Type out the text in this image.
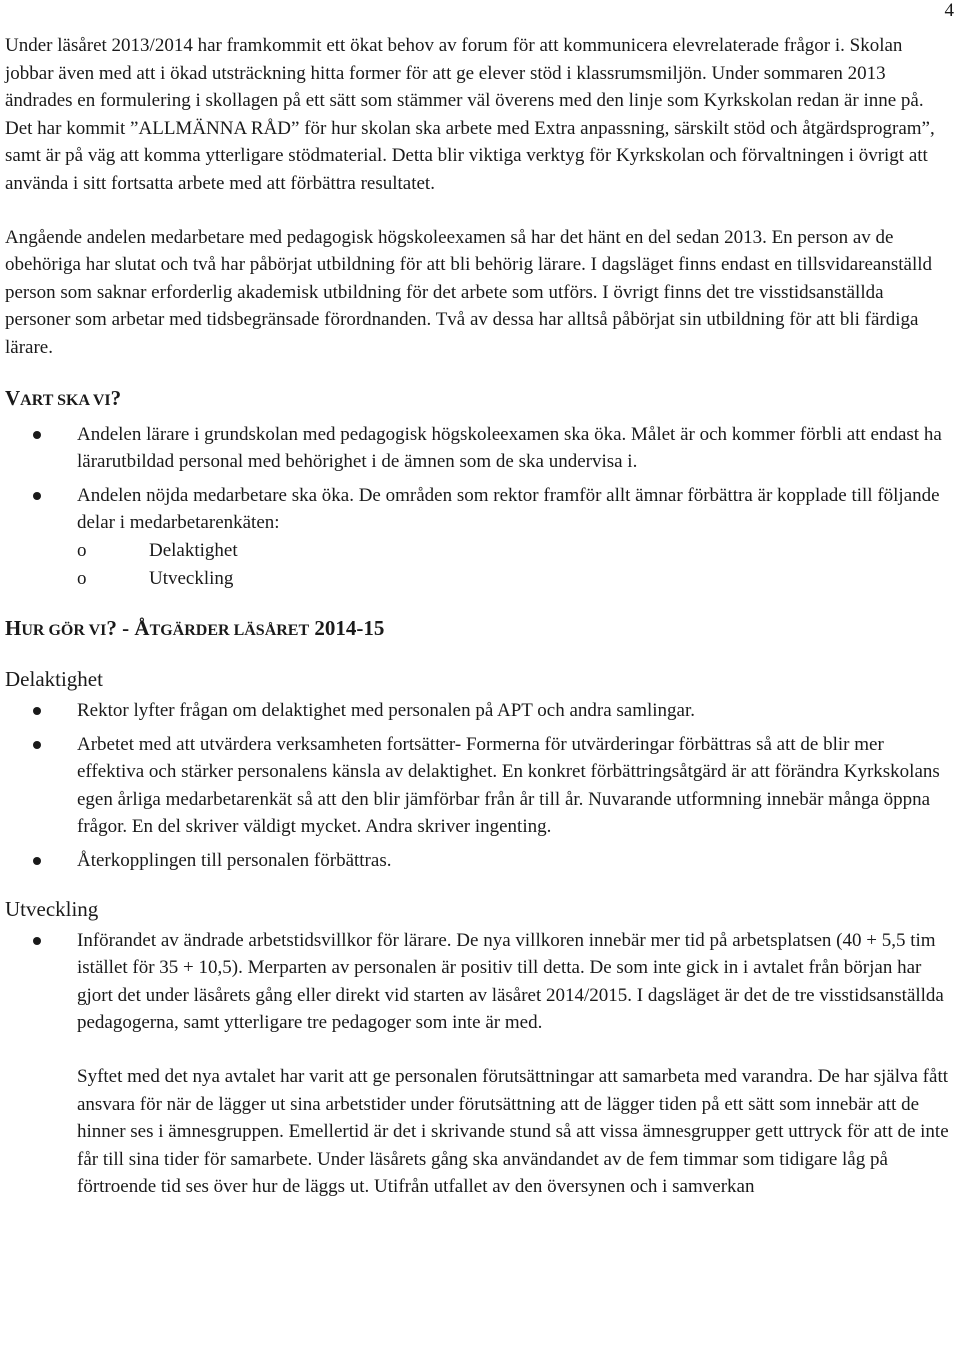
4

Under läsåret 2013/2014 har framkommit ett ökat behov av forum för att kommunicera elevrelaterade frågor i. Skolan jobbar även med att i ökad utsträckning hitta former för att ge elever stöd i klassrumsmiljön. Under sommaren 2013 ändrades en formulering i skollagen på ett sätt som stämmer väl överens med den linje som Kyrkskolan redan är inne på. Det har kommit ”ALLMÄNNA RÅD” för hur skolan ska arbete med Extra anpassning, särskilt stöd och åtgärdsprogram”, samt är på väg att komma ytterligare stödmaterial. Detta blir viktiga verktyg för Kyrkskolan och förvaltningen i övrigt att använda i sitt fortsatta arbete med att förbättra resultatet.

Angående andelen medarbetare med pedagogisk högskoleexamen så har det hänt en del sedan 2013. En person av de obehöriga har slutat och två har påbörjat utbildning för att bli behörig lärare. I dagsläget finns endast en tillsvidareanställd person som saknar erforderlig akademisk utbildning för det arbete som utförs. I övrigt finns det tre visstidsanställda personer som arbetar med tidsbegränsade förordnanden. Två av dessa har alltså påbörjat sin utbildning för att bli färdiga lärare.

VART SKA VI?
Andelen lärare i grundskolan med pedagogisk högskoleexamen ska öka. Målet är och kommer förbli att endast ha lärarutbildad personal med behörighet i de ämnen som de ska undervisa i.
Andelen nöjda medarbetare ska öka. De områden som rektor framför allt ämnar förbättra är kopplade till följande delar i medarbetarenkäten:
o	Delaktighet
o	Utveckling
HUR GÖR VI? - ÅTGÄRDER LÄSÅRET 2014-15
Delaktighet
Rektor lyfter frågan om delaktighet med personalen på APT och andra samlingar.
Arbetet med att utvärdera verksamheten fortsätter- Formerna för utvärderingar förbättras så att de blir mer effektiva och stärker personalens känsla av delaktighet. En konkret förbättringsåtgärd är att förändra Kyrkskolans egen årliga medarbetarenkät så att den blir jämförbar från år till år. Nuvarande utformning innebär många öppna frågor. En del skriver väldigt mycket. Andra skriver ingenting.
Återkopplingen till personalen förbättras.
Utveckling
Införandet av ändrade arbetstidsvillkor för lärare. De nya villkoren innebär mer tid på arbetsplatsen (40 + 5,5 tim istället för 35 + 10,5). Merparten av personalen är positiv till detta. De som inte gick in i avtalet från början har gjort det under läsårets gång eller direkt vid starten av läsåret 2014/2015. I dagsläget är det de tre visstidsanställda pedagogerna, samt ytterligare tre pedagoger som inte är med.

Syftet med det nya avtalet har varit att ge personalen förutsättningar att samarbeta med varandra. De har själva fått ansvara för när de lägger ut sina arbetstider under förutsättning att de lägger tiden på ett sätt som innebär att de hinner ses i ämnesgruppen. Emellertid är det i skrivande stund så att vissa ämnesgrupper gett uttryck för att de inte får till sina tider för samarbete. Under läsårets gång ska användandet av de fem timmar som tidigare låg på förtroende tid ses över hur de läggs ut. Utifrån utfallet av den översynen och i samverkan
